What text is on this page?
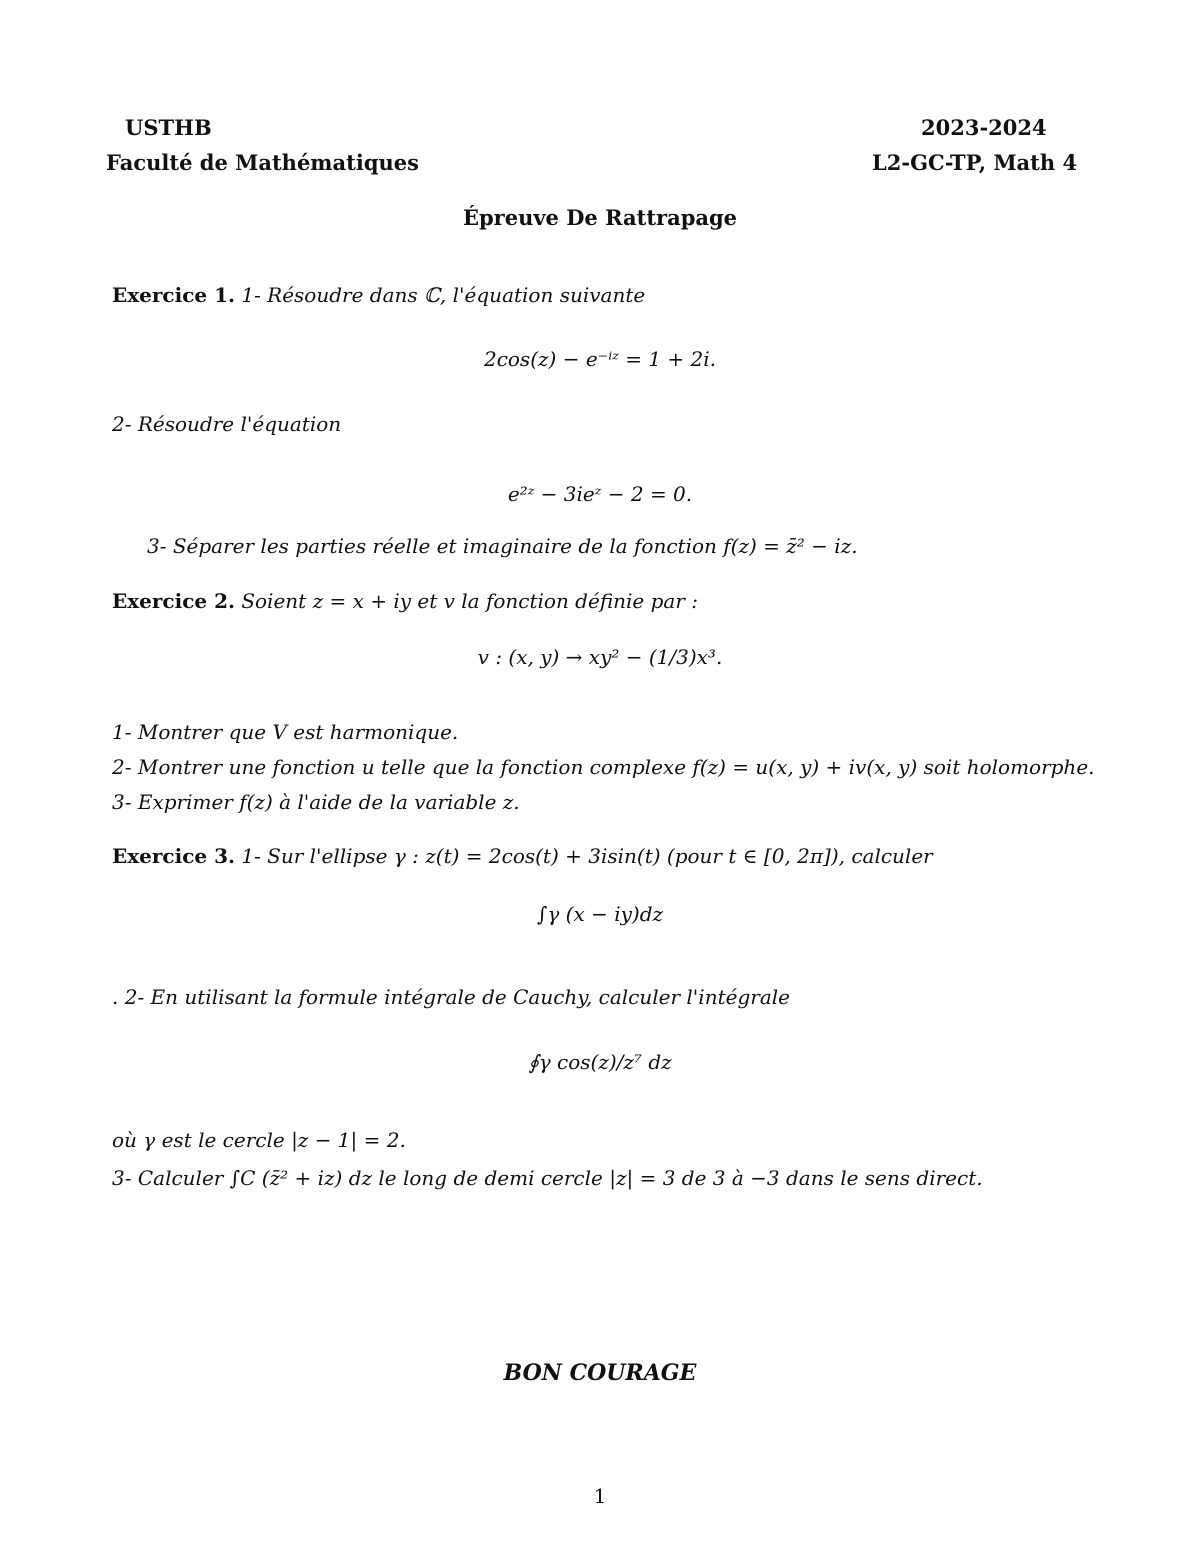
USTHB
Faculté de Mathématiques
2023-2024
L2-GC-TP, Math 4
Épreuve De Rattrapage
Exercice 1. 1- Résoudre dans ℂ, l'équation suivante
2cos(z) − e⁻ⁱᶻ = 1 + 2i.
2- Résoudre l'équation
e²ᶻ − 3ieᶻ − 2 = 0.
3- Séparer les parties réelle et imaginaire de la fonction f(z) = z̄² − iz.
Exercice 2. Soient z = x + iy et v la fonction définie par :
v : (x, y) → xy² − (1/3)x³.
1- Montrer que V est harmonique.
2- Montrer une fonction u telle que la fonction complexe f(z) = u(x, y) + iv(x, y) soit holomorphe.
3- Exprimer f(z) à l'aide de la variable z.
Exercice 3. 1- Sur l'ellipse γ : z(t) = 2cos(t) + 3isin(t) (pour t ∈ [0, 2π]), calculer
∫γ (x − iy)dz
. 2- En utilisant la formule intégrale de Cauchy, calculer l'intégrale
∮γ cos(z)/z⁷ dz
où γ est le cercle |z − 1| = 2.
3- Calculer ∫C (z̄² + iz) dz le long de demi cercle |z| = 3 de 3 à −3 dans le sens direct.
BON COURAGE
1
